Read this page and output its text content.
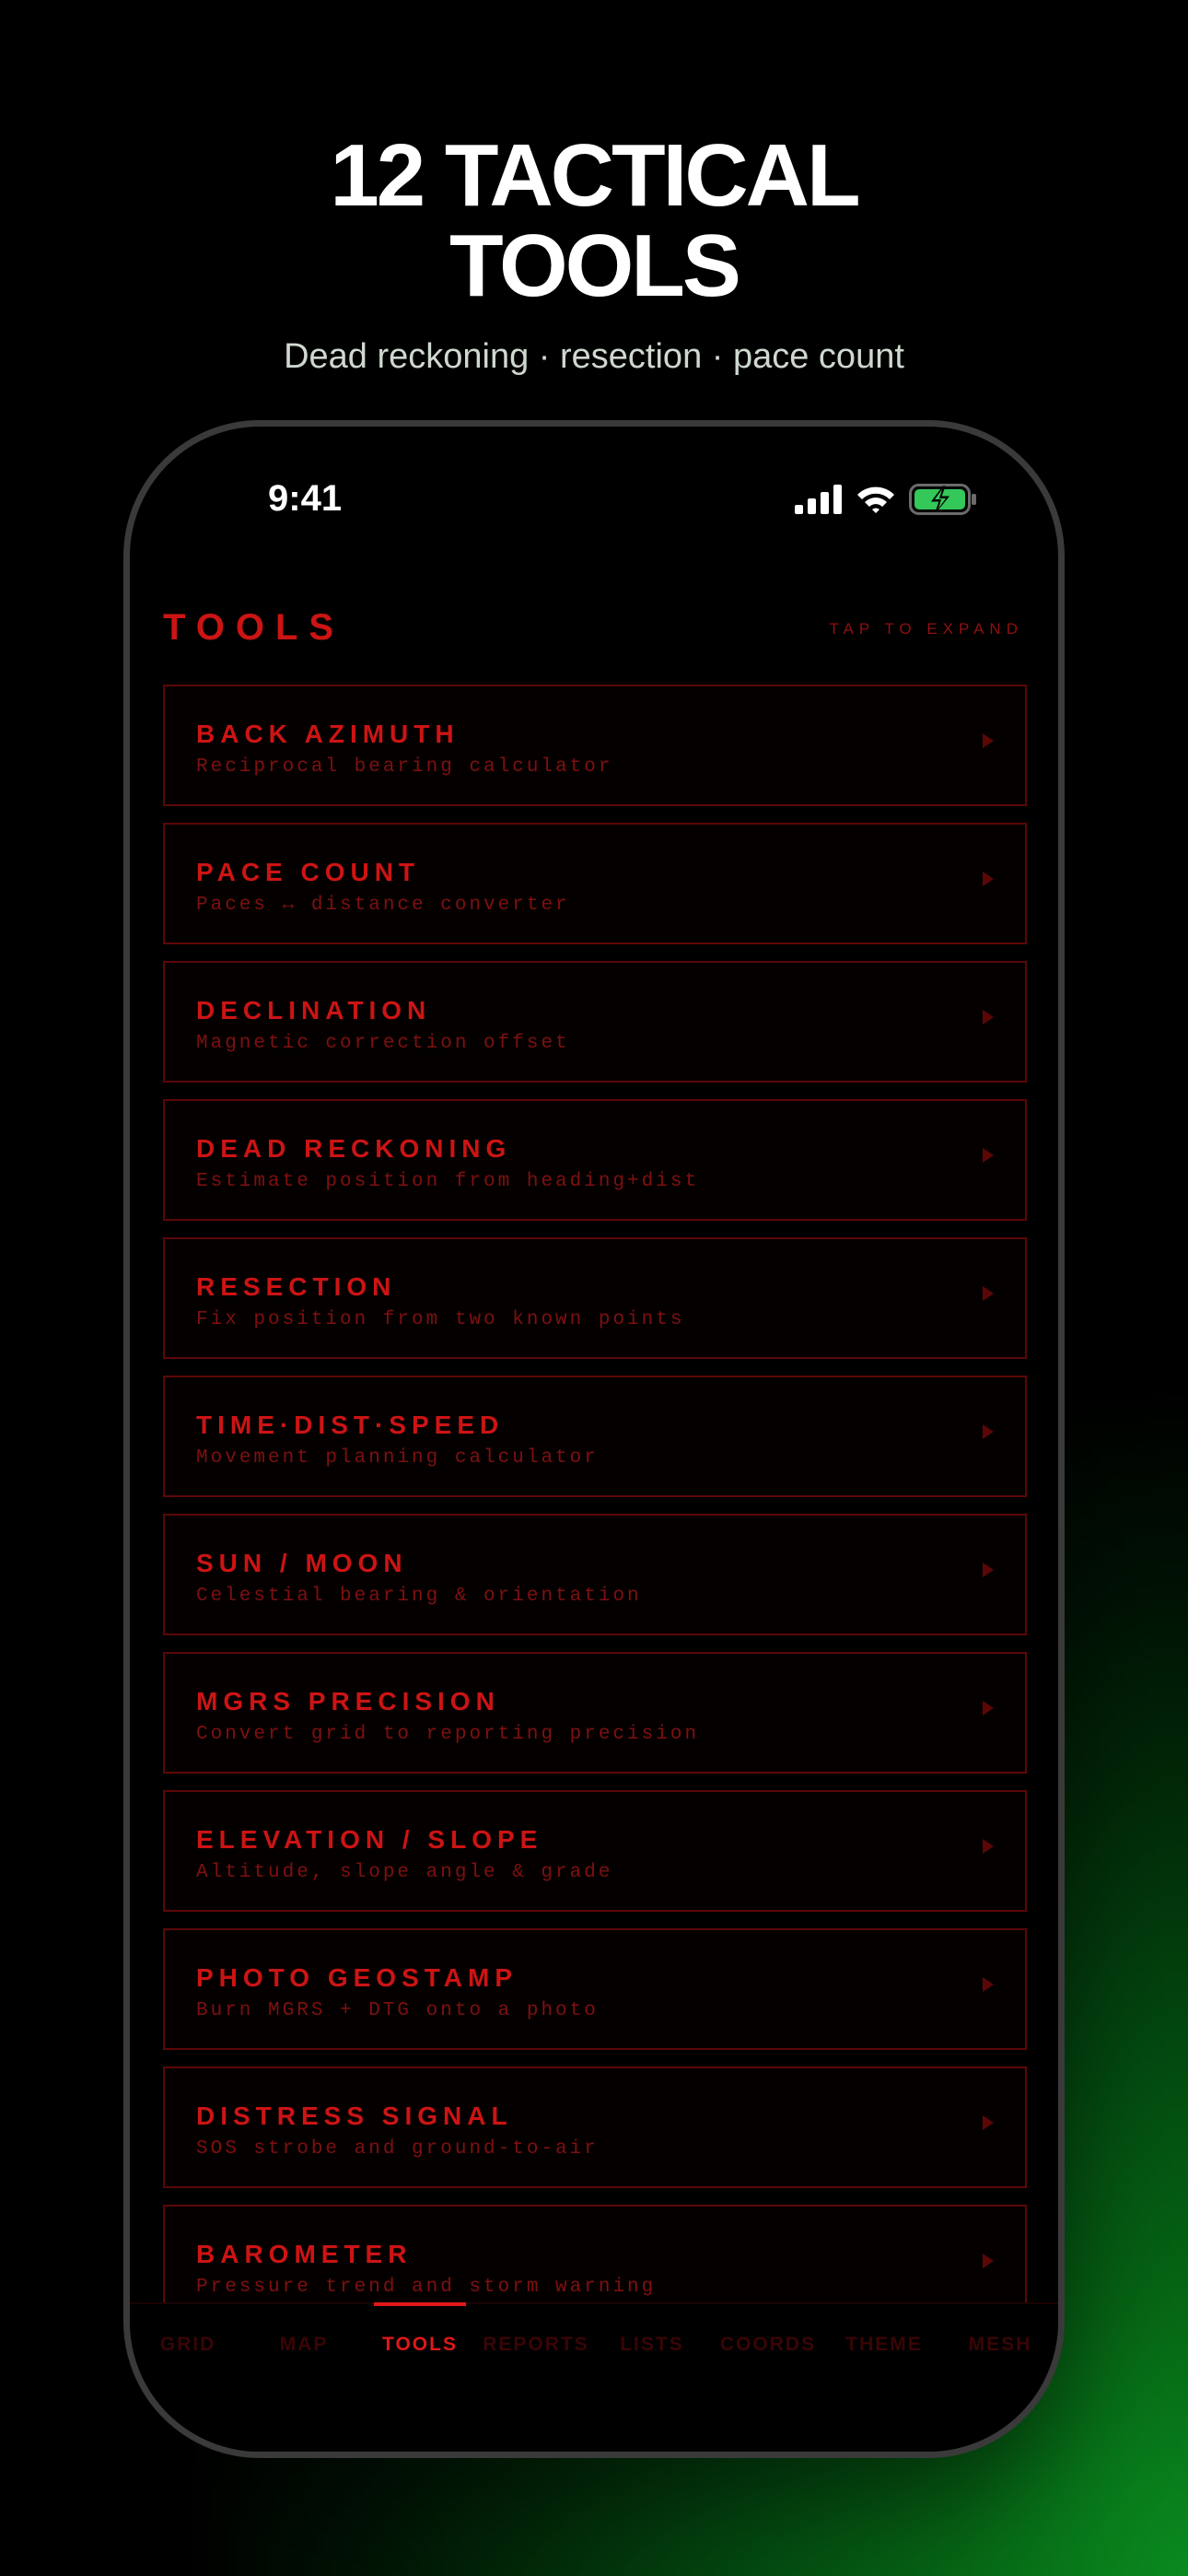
12 TACTICAL
TOOLS
Dead reckoning · resection · pace count
9:41
TOOLS	TAP TO EXPAND
BACK AZIMUTH
Reciprocal bearing calculator
PACE COUNT
Paces ↔ distance converter
DECLINATION
Magnetic correction offset
DEAD RECKONING
Estimate position from heading+dist
RESECTION
Fix position from two known points
TIME·DIST·SPEED
Movement planning calculator
SUN / MOON
Celestial bearing & orientation
MGRS PRECISION
Convert grid to reporting precision
ELEVATION / SLOPE
Altitude, slope angle & grade
PHOTO GEOSTAMP
Burn MGRS + DTG onto a photo
DISTRESS SIGNAL
SOS strobe and ground-to-air
BAROMETER
Pressure trend and storm warning
GRID	MAP	TOOLS	REPORTS	LISTS	COORDS	THEME	MESH
